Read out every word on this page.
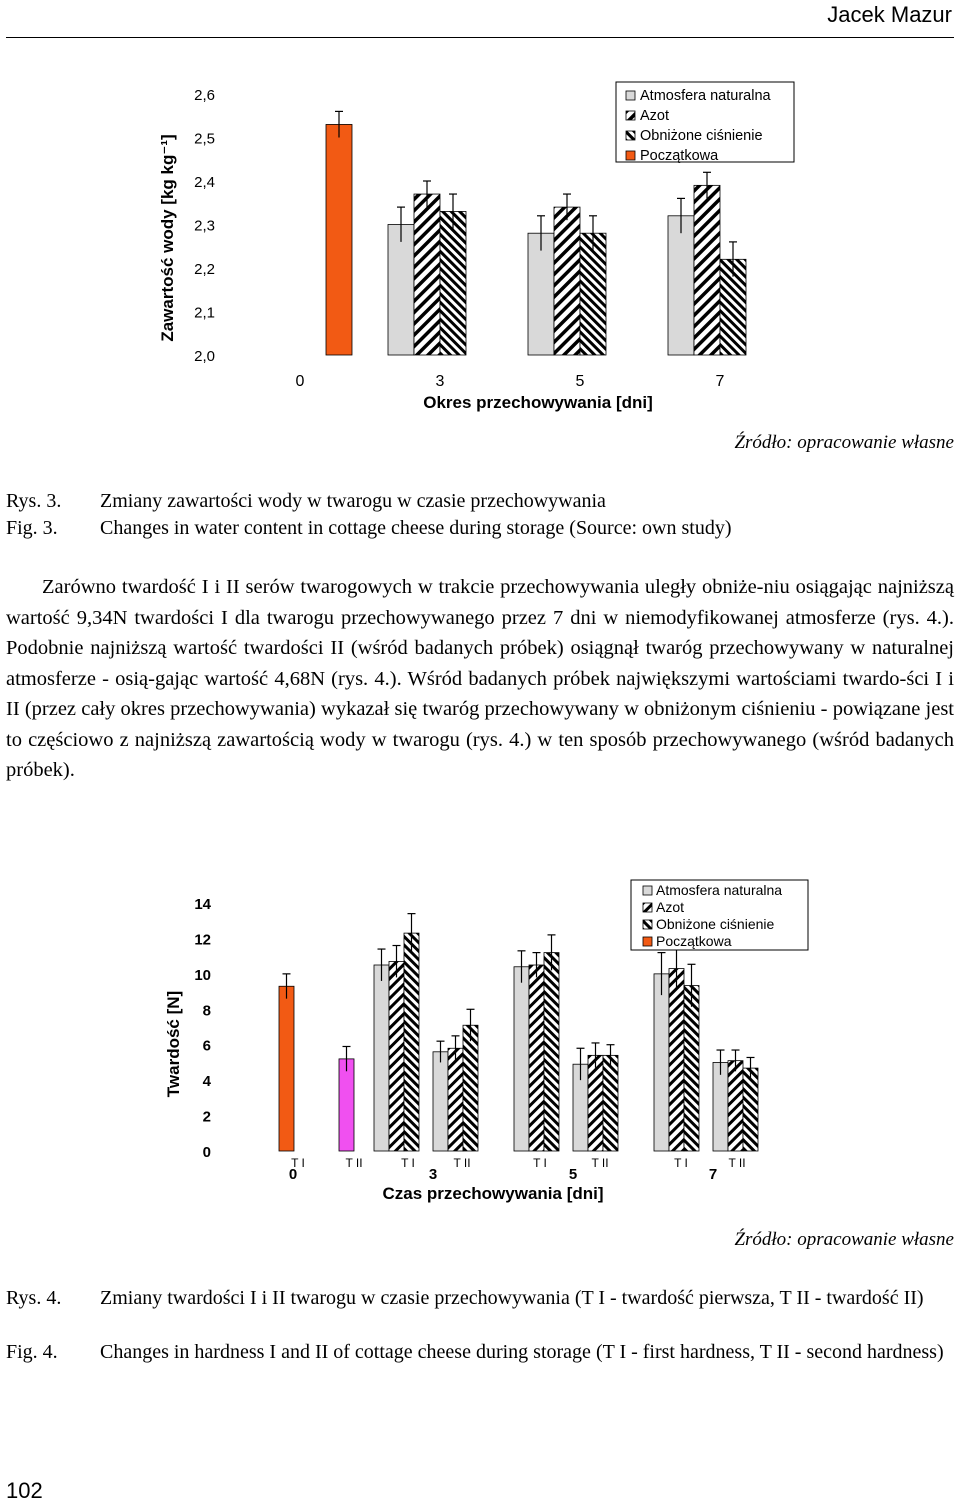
Jacek Mazur
2,0
2,1
2,2
2,3
2,4
2,5
2,6
0	3	5	7
Okres przechowywania [dni]
Zawartość wody [kg kg⁻¹]
Atmosfera naturalna
Azot
Obniżone ciśnienie
Początkowa
Źródło: opracowanie własne
Rys. 3.
Fig. 3.
Zmiany zawartości wody w twarogu w czasie przechowywania
Changes in water content in cottage cheese during storage (Source: own study)
Zarówno twardość I i II serów twarogowych w trakcie przechowywania uległy obniże-niu osiągając najniższą wartość 9,34N twardości I dla twarogu przechowywanego przez 7 dni w niemodyfikowanej atmosferze (rys. 4.). Podobnie najniższą wartość twardości II (wśród badanych próbek) osiągnął twaróg przechowywany w naturalnej atmosferze - osią-gając wartość 4,68N (rys. 4.). Wśród badanych próbek największymi wartościami twardo-ści I i II (przez cały okres przechowywania) wykazał się twaróg przechowywany w obniżonym ciśnieniu - powiązane jest to częściowo z najniższą zawartością wody w twarogu (rys. 4.) w ten sposób przechowywanego (wśród badanych próbek).
0
2
4
6
8
10
12
14
T I	T II	T I	T II	T I	T II	T I	T II
0	3	5	7
Czas przechowywania [dni]
Twardość [N]
Atmosfera naturalna
Azot
Obniżone ciśnienie
Początkowa
Źródło: opracowanie własne
Rys. 4.
Fig. 4.
Zmiany twardości I i II twarogu w czasie przechowywania (T I - twardość pierwsza, T II - twardość II)
Changes in hardness I and II of cottage cheese during storage (T I - first hardness, T II - second hardness)
102
